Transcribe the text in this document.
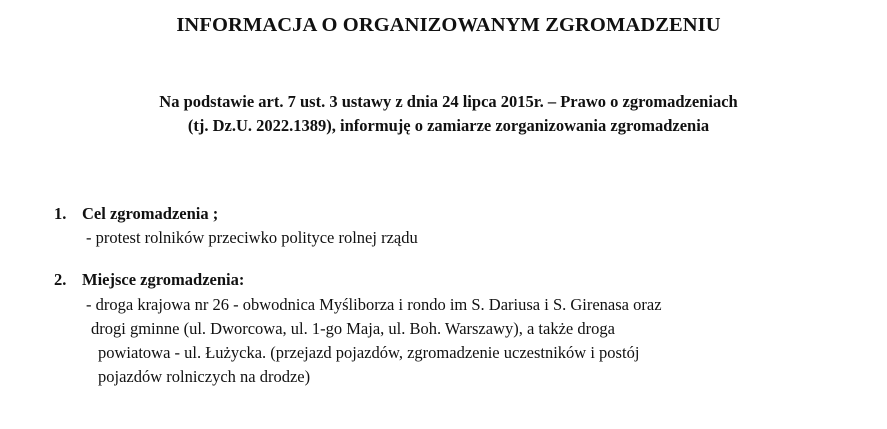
INFORMACJA O ORGANIZOWANYM ZGROMADZENIU
Na podstawie art. 7 ust. 3 ustawy z dnia 24 lipca 2015r. – Prawo o zgromadzeniach
(tj. Dz.U. 2022.1389), informuję o zamiarze zorganizowania zgromadzenia
1. Cel zgromadzenia ;
- protest rolników przeciwko polityce rolnej rządu
2. Miejsce zgromadzenia:
- droga krajowa nr 26 - obwodnica Myśliborza i rondo im S. Dariusa i S. Girenasa oraz
drogi gminne (ul. Dworcowa, ul. 1-go Maja, ul. Boh. Warszawy), a także droga
powiatowa - ul. Łużycka. (przejazd pojazdów, zgromadzenie uczestników i postój
pojazdów rolniczych na drodze)
